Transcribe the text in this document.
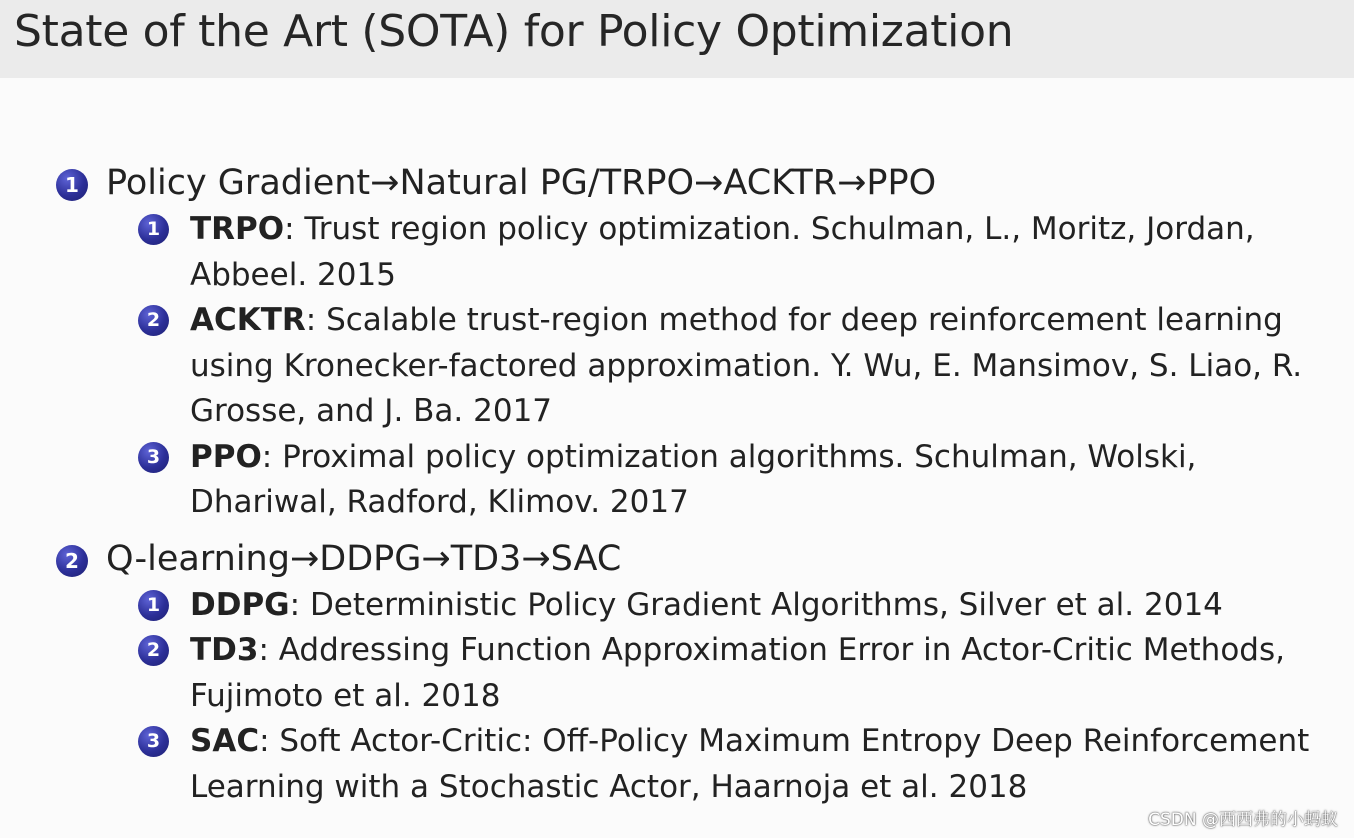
State of the Art (SOTA) for Policy Optimization
1 Policy Gradient→Natural PG/TRPO→ACKTR→PPO
1 TRPO: Trust region policy optimization. Schulman, L., Moritz, Jordan, Abbeel. 2015
2 ACKTR: Scalable trust-region method for deep reinforcement learning using Kronecker-factored approximation. Y. Wu, E. Mansimov, S. Liao, R. Grosse, and J. Ba. 2017
3 PPO: Proximal policy optimization algorithms. Schulman, Wolski, Dhariwal, Radford, Klimov. 2017
2 Q-learning→DDPG→TD3→SAC
1 DDPG: Deterministic Policy Gradient Algorithms, Silver et al. 2014
2 TD3: Addressing Function Approximation Error in Actor-Critic Methods, Fujimoto et al. 2018
3 SAC: Soft Actor-Critic: Off-Policy Maximum Entropy Deep Reinforcement Learning with a Stochastic Actor, Haarnoja et al. 2018
CSDN @西西弗的小蚂蚁
